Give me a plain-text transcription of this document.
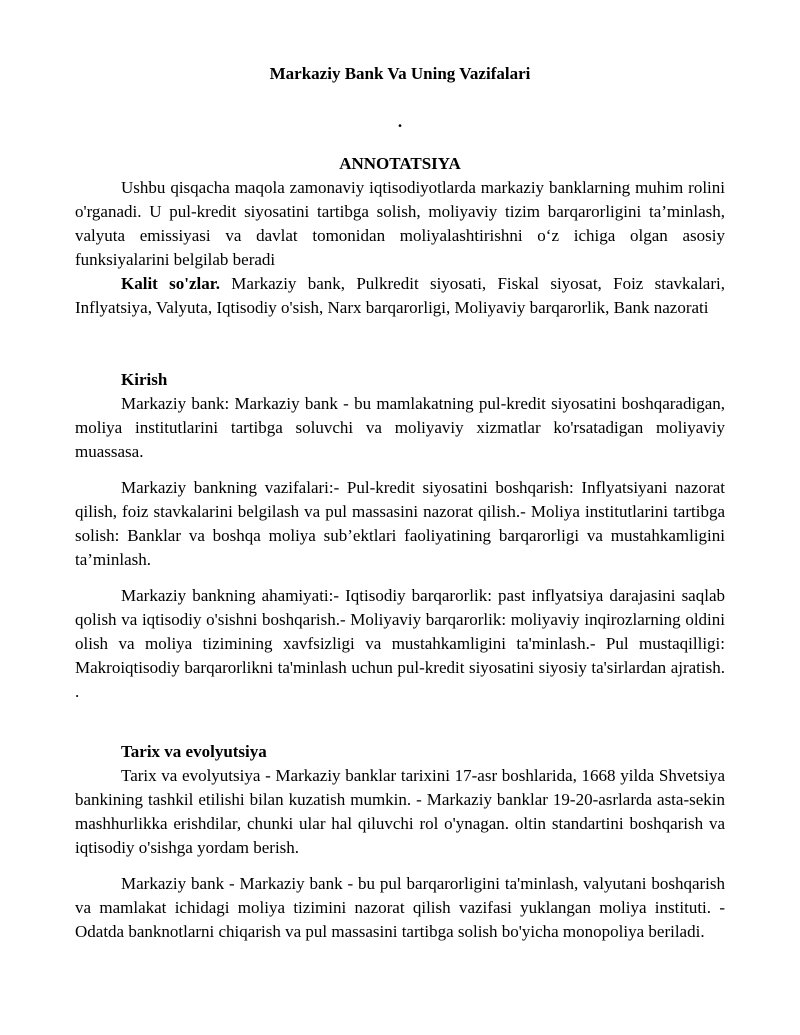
Markaziy Bank Va Uning Vazifalari
.
ANNOTATSIYA

Ushbu qisqacha maqola zamonaviy iqtisodiyotlarda markaziy banklarning muhim rolini o'rganadi. U pul-kredit siyosatini tartibga solish, moliyaviy tizim barqarorligini ta’minlash, valyuta emissiyasi va davlat tomonidan moliyalashtirishni o‘z ichiga olgan asosiy funksiyalarini belgilab beradi

Kalit so'zlar. Markaziy bank, Pulkredit siyosati, Fiskal siyosat, Foiz stavkalari, Inflyatsiya, Valyuta, Iqtisodiy o'sish, Narx barqarorligi, Moliyaviy barqarorlik, Bank nazorati

Kirish

Markaziy bank: Markaziy bank - bu mamlakatning pul-kredit siyosatini boshqaradigan, moliya institutlarini tartibga soluvchi va moliyaviy xizmatlar ko'rsatadigan moliyaviy muassasa.

Markaziy bankning vazifalari:- Pul-kredit siyosatini boshqarish: Inflyatsiyani nazorat qilish, foiz stavkalarini belgilash va pul massasini nazorat qilish.- Moliya institutlarini tartibga solish: Banklar va boshqa moliya sub’ektlari faoliyatining barqarorligi va mustahkamligini ta’minlash.

Markaziy bankning ahamiyati:- Iqtisodiy barqarorlik: past inflyatsiya darajasini saqlab qolish va iqtisodiy o'sishni boshqarish.- Moliyaviy barqarorlik: moliyaviy inqirozlarning oldini olish va moliya tizimining xavfsizligi va mustahkamligini ta'minlash.- Pul mustaqilligi: Makroiqtisodiy barqarorlikni ta'minlash uchun pul-kredit siyosatini siyosiy ta'sirlardan ajratish. .

Tarix va evolyutsiya

Tarix va evolyutsiya - Markaziy banklar tarixini 17-asr boshlarida, 1668 yilda Shvetsiya bankining tashkil etilishi bilan kuzatish mumkin. - Markaziy banklar 19-20-asrlarda asta-sekin mashhurlikka erishdilar, chunki ular hal qiluvchi rol o'ynagan. oltin standartini boshqarish va iqtisodiy o'sishga yordam berish.

Markaziy bank - Markaziy bank - bu pul barqarorligini ta'minlash, valyutani boshqarish va mamlakat ichidagi moliya tizimini nazorat qilish vazifasi yuklangan moliya instituti. - Odatda banknotlarni chiqarish va pul massasini tartibga solish bo'yicha monopoliya beriladi.
